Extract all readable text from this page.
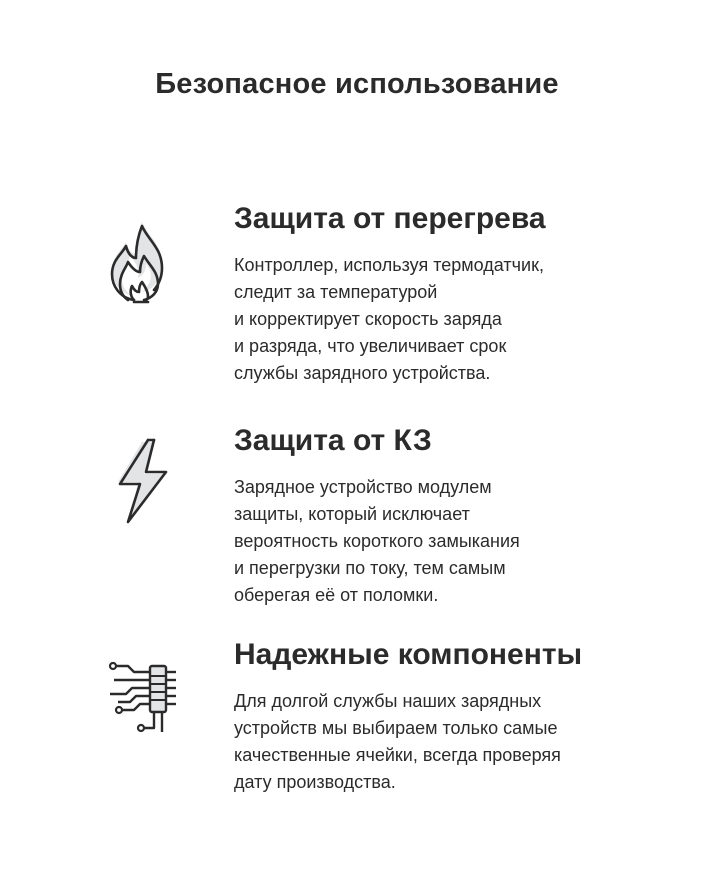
Безопасное использование
Защита от перегрева
Контроллер, используя термодатчик,
следит за температурой
и корректирует скорость заряда
и разряда, что увеличивает срок
службы зарядного устройства.
Защита от КЗ
Зарядное устройство модулем
защиты, который исключает
вероятность короткого замыкания
и перегрузки по току, тем самым
оберегая её от поломки.
Надежные компоненты
Для долгой службы наших зарядных
устройств мы выбираем только самые
качественные ячейки, всегда проверяя
дату производства.
